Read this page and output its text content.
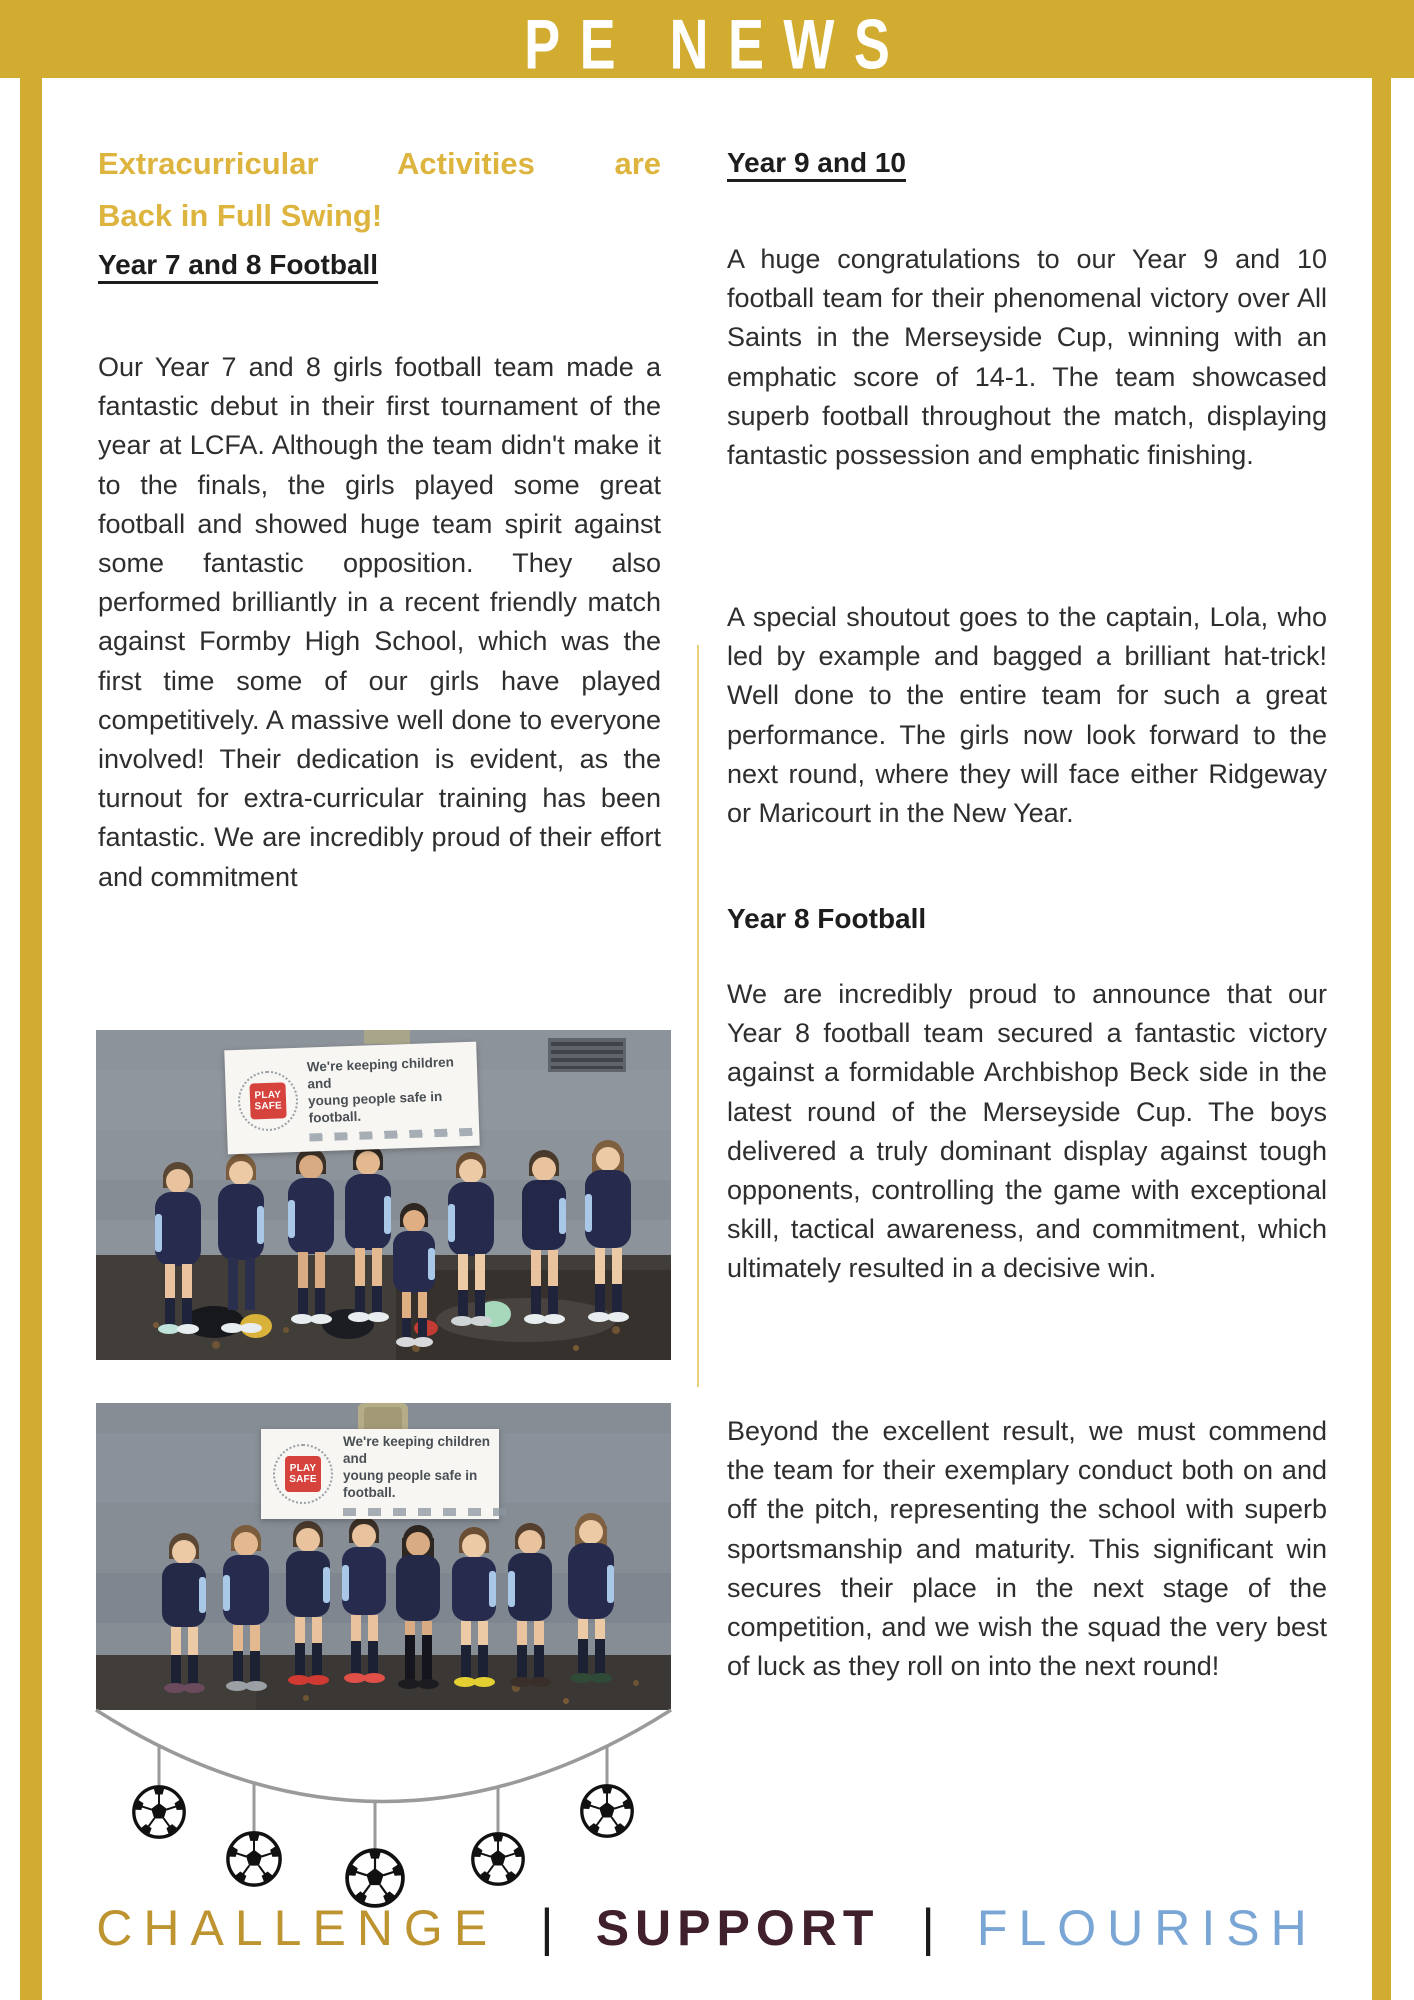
PE NEWS
Extracurricular Activities are
Back in Full Swing!
Year 7 and 8 Football

Our Year 7 and 8 girls football team made a fantastic debut in their first tournament of the year at LCFA. Although the team didn't make it to the finals, the girls played some great football and showed huge team spirit against some fantastic opposition. They also performed brilliantly in a recent friendly match against Formby High School, which was the first time some of our girls have played competitively. A massive well done to everyone involved! Their dedication is evident, as the turnout for extra-curricular training has been fantastic. We are incredibly proud of their effort and commitment

PLAY
SAFE
We're keeping children and
young people safe in football.
PLAY
SAFE
We're keeping children and
young people safe in football.
Year 9 and 10

A huge congratulations to our Year 9 and 10 football team for their phenomenal victory over All Saints in the Merseyside Cup, winning with an emphatic score of 14-1. The team showcased superb football throughout the match, displaying fantastic possession and emphatic finishing.

A special shoutout goes to the captain, Lola, who led by example and bagged a brilliant hat-trick! Well done to the entire team for such a great performance. The girls now look forward to the next round, where they will face either Ridgeway or Maricourt in the New Year.

Year 8 Football

We are incredibly proud to announce that our Year 8 football team secured a fantastic victory against a formidable Archbishop Beck side in the latest round of the Merseyside Cup. The boys delivered a truly dominant display against tough opponents, controlling the game with exceptional skill, tactical awareness, and commitment, which ultimately resulted in a decisive win.

Beyond the excellent result, we must commend the team for their exemplary conduct both on and off the pitch, representing the school with superb sportsmanship and maturity. This significant win secures their place in the next stage of the competition, and we wish the squad the very best of luck as they roll on into the next round!

CHALLENGE | SUPPORT | FLOURISH
